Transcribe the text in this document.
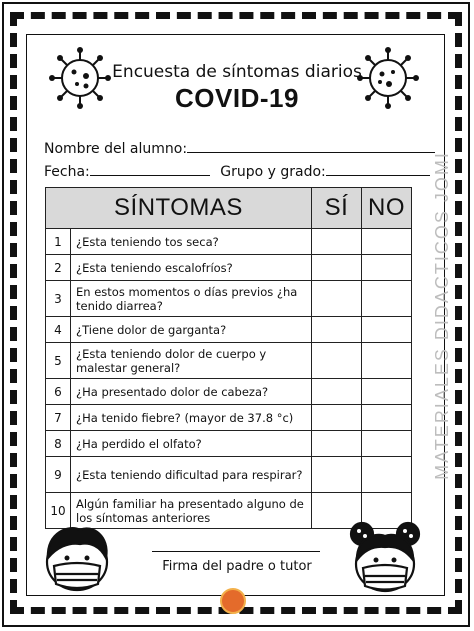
Encuesta de síntomas diarios
COVID-19
Nombre del alumno:
Fecha:	Grupo y grado:
SÍNTOMAS		SÍ	NO
1	¿Esta teniendo tos seca?		
2	¿Esta teniendo escalofríos?		
3	En estos momentos o días previos ¿ha tenido diarrea?		
4	¿Tiene dolor de garganta?		
5	¿Esta teniendo dolor de cuerpo y malestar general?		
6	¿Ha presentado dolor de cabeza?		
7	¿Ha tenido fiebre? (mayor de 37.8 °c)		
8	¿Ha perdido el olfato?		
9	¿Esta teniendo dificultad para respirar?		
10	Algún familiar ha presentado alguno de los síntomas anteriores		
MATERIALES DIDACTICOS JOMI
Firma del padre o tutor
